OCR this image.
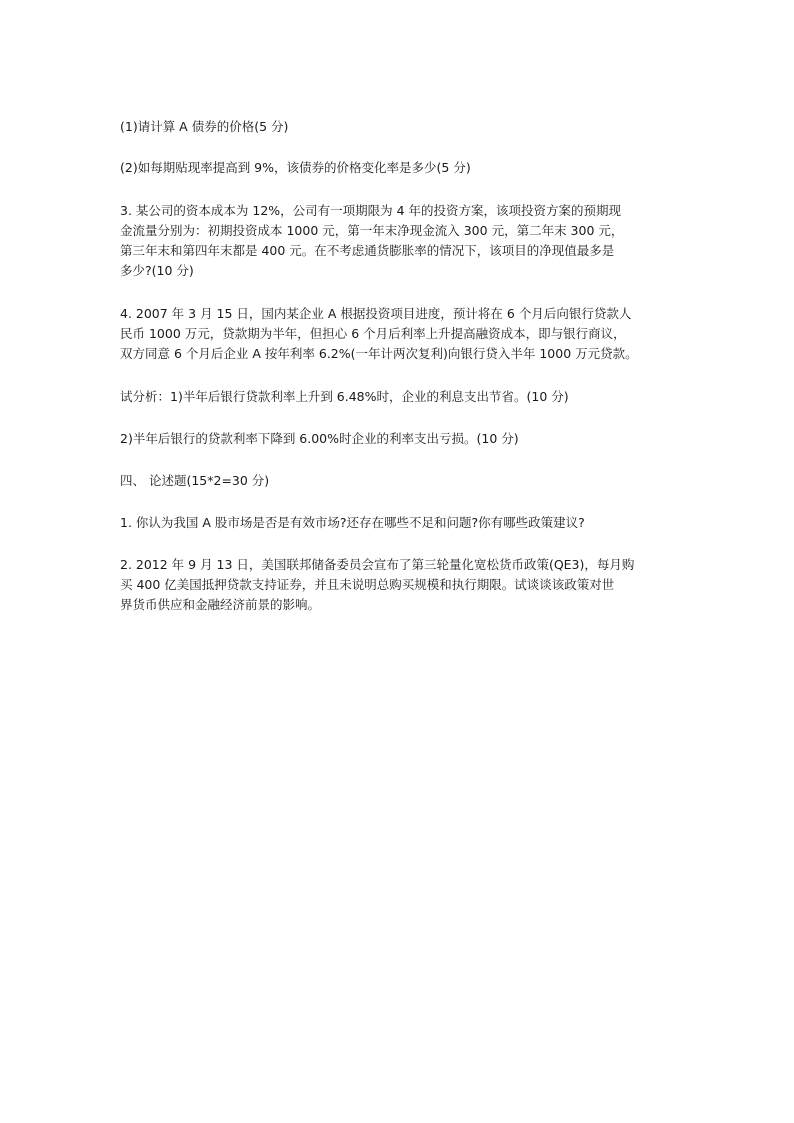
(1)请计算 A 债券的价格(5 分)
(2)如每期贴现率提高到 9%，该债券的价格变化率是多少(5 分)
3. 某公司的资本成本为 12%，公司有一项期限为 4 年的投资方案，该项投资方案的预期现
金流量分别为：初期投资成本 1000 元，第一年末净现金流入 300 元，第二年末 300 元，
第三年末和第四年末都是 400 元。在不考虑通货膨胀率的情况下，该项目的净现值最多是
多少?(10 分)
4. 2007 年 3 月 15 日，国内某企业 A 根据投资项目进度，预计将在 6 个月后向银行贷款人
民币 1000 万元，贷款期为半年，但担心 6 个月后利率上升提高融资成本，即与银行商议，
双方同意 6 个月后企业 A 按年利率 6.2%(一年计两次复利)向银行贷入半年 1000 万元贷款。
试分析：1)半年后银行贷款利率上升到 6.48%时，企业的利息支出节省。(10 分)
2)半年后银行的贷款利率下降到 6.00%时企业的利率支出亏损。(10 分)
四、 论述题(15*2=30 分)
1. 你认为我国 A 股市场是否是有效市场?还存在哪些不足和问题?你有哪些政策建议?
2. 2012 年 9 月 13 日，美国联邦储备委员会宣布了第三轮量化宽松货币政策(QE3)，每月购
买 400 亿美国抵押贷款支持证券，并且未说明总购买规模和执行期限。试谈谈该政策对世
界货币供应和金融经济前景的影响。
